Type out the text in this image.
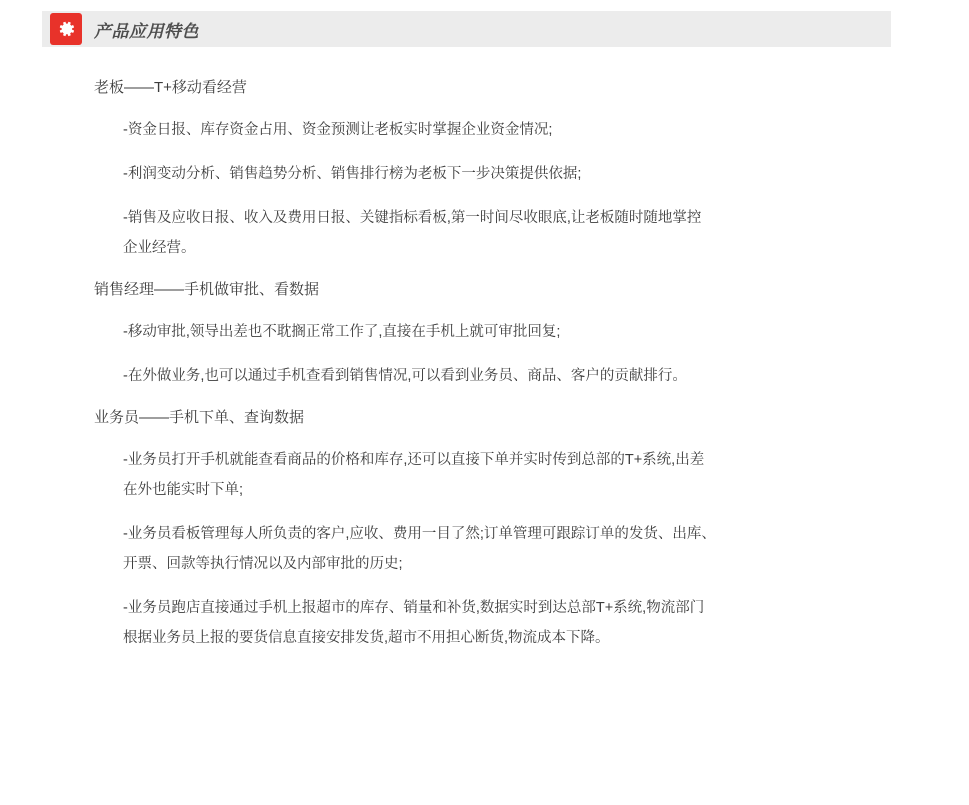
产品应用特色

老板——T+移动看经营

-资金日报、库存资金占用、资金预测让老板实时掌握企业资金情况;

-利润变动分析、销售趋势分析、销售排行榜为老板下一步决策提供依据;

-销售及应收日报、收入及费用日报、关键指标看板,第一时间尽收眼底,让老板随时随地掌控
企业经营。

销售经理——手机做审批、看数据

-移动审批,领导出差也不耽搁正常工作了,直接在手机上就可审批回复;

-在外做业务,也可以通过手机查看到销售情况,可以看到业务员、商品、客户的贡献排行。

业务员——手机下单、查询数据

-业务员打开手机就能查看商品的价格和库存,还可以直接下单并实时传到总部的T+系统,出差
在外也能实时下单;

-业务员看板管理每人所负责的客户,应收、费用一目了然;订单管理可跟踪订单的发货、出库、
开票、回款等执行情况以及内部审批的历史;

-业务员跑店直接通过手机上报超市的库存、销量和补货,数据实时到达总部T+系统,物流部门
根据业务员上报的要货信息直接安排发货,超市不用担心断货,物流成本下降。
